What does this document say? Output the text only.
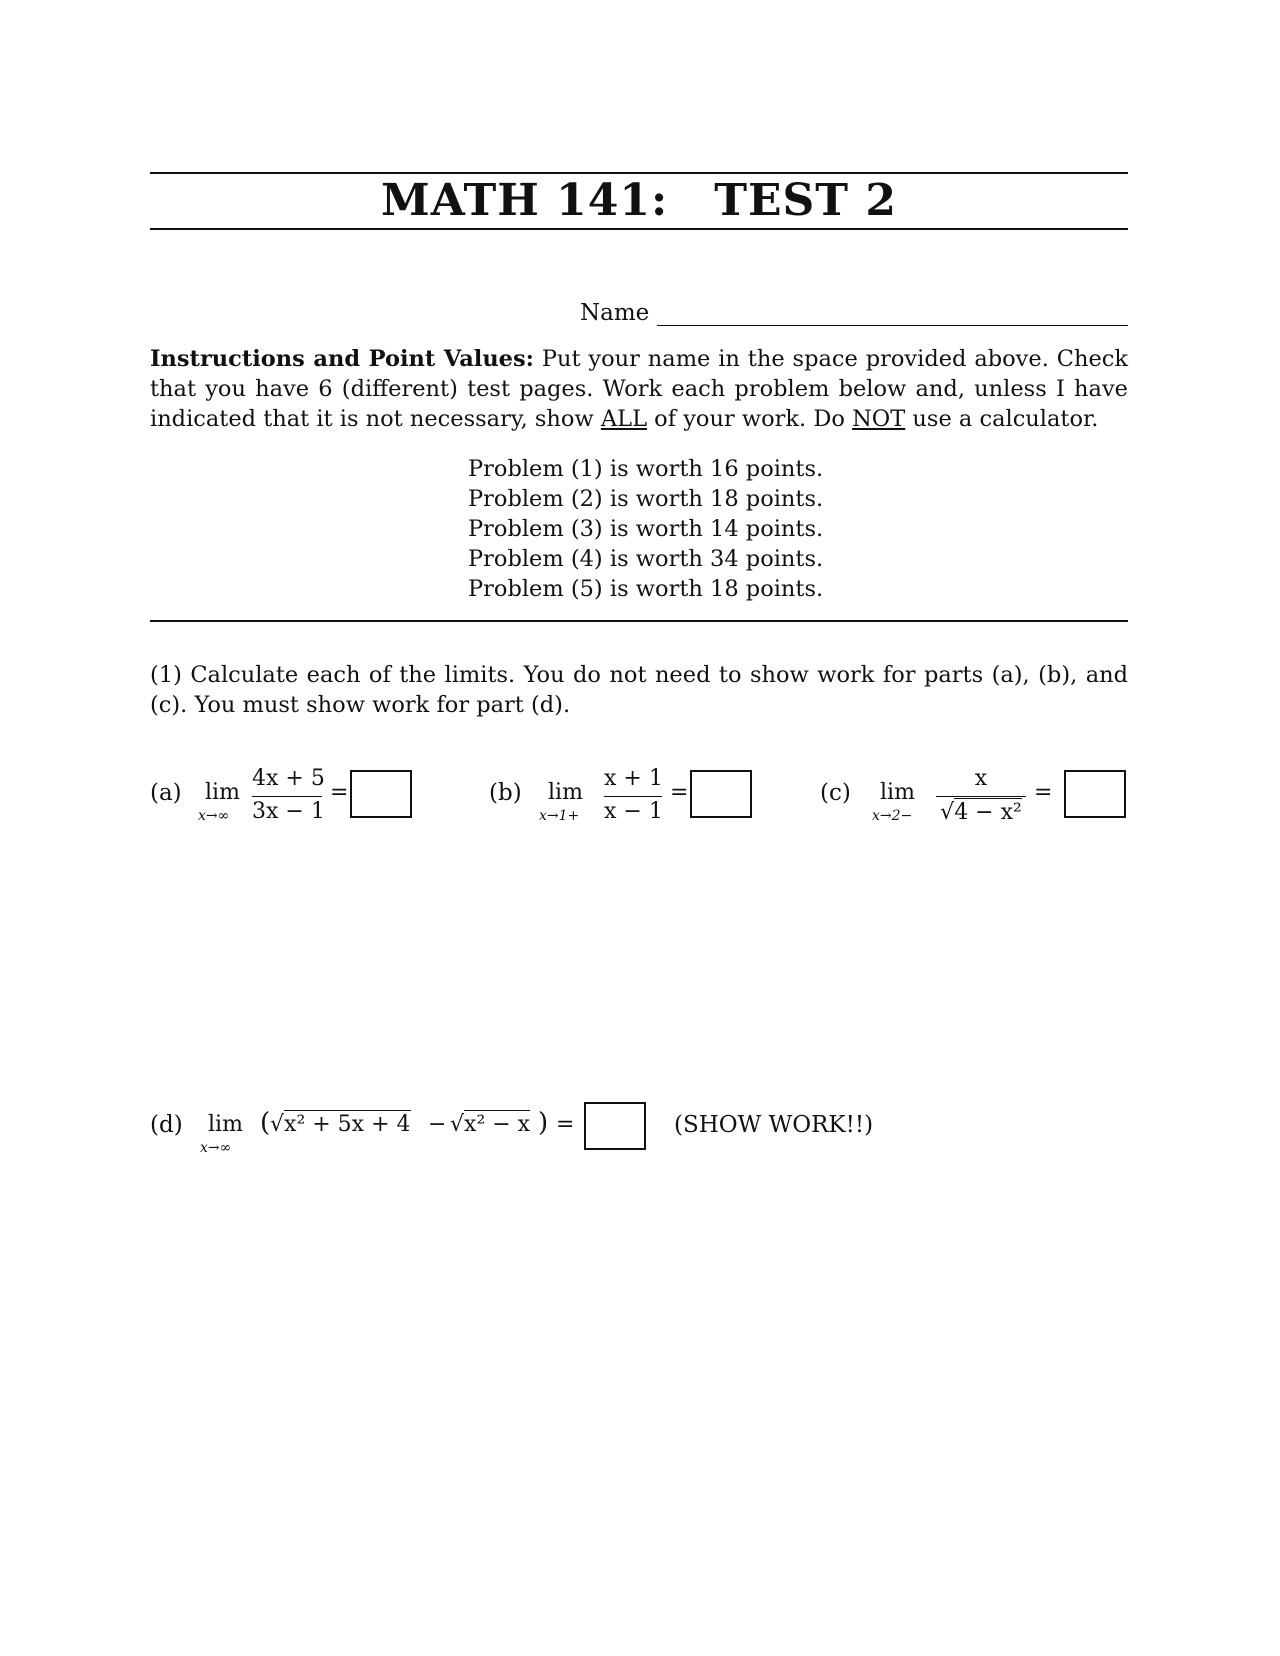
MATH 141: TEST 2
Name
Instructions and Point Values: Put your name in the space provided above. Check that you have 6 (different) test pages. Work each problem below and, unless I have indicated that it is not necessary, show ALL of your work. Do NOT use a calculator.
Problem (1) is worth 16 points.
Problem (2) is worth 18 points.
Problem (3) is worth 14 points.
Problem (4) is worth 34 points.
Problem (5) is worth 18 points.
(1) Calculate each of the limits. You do not need to show work for parts (a), (b), and (c). You must show work for part (d).
(a) lim
x→∞
4x + 5
3x − 1
=	(b) lim
x→1+
x + 1
x − 1
=	(c) lim
x→2−
x
√4 − x²
=
(d) lim
x→∞
( √x² + 5x + 4 − √x² − x ) =	(SHOW WORK!!)
